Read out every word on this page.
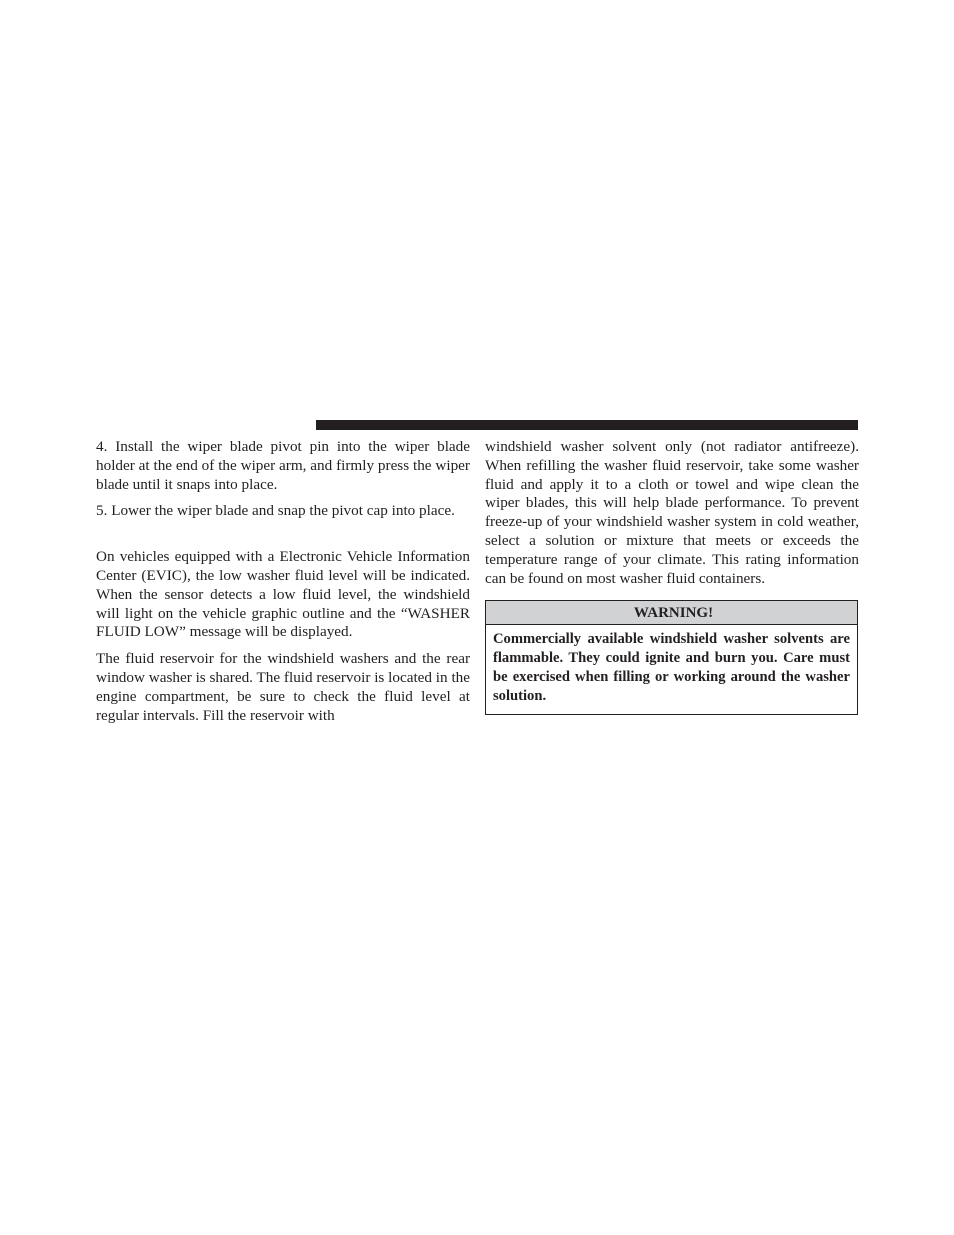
4. Install the wiper blade pivot pin into the wiper blade holder at the end of the wiper arm, and firmly press the wiper blade until it snaps into place.

5. Lower the wiper blade and snap the pivot cap into place.

On vehicles equipped with a Electronic Vehicle Information Center (EVIC), the low washer fluid level will be indicated. When the sensor detects a low fluid level, the windshield will light on the vehicle graphic outline and the “WASHER FLUID LOW” message will be displayed.

The fluid reservoir for the windshield washers and the rear window washer is shared. The fluid reservoir is located in the engine compartment, be sure to check the fluid level at regular intervals. Fill the reservoir with

windshield washer solvent only (not radiator antifreeze). When refilling the washer fluid reservoir, take some washer fluid and apply it to a cloth or towel and wipe clean the wiper blades, this will help blade performance. To prevent freeze-up of your windshield washer system in cold weather, select a solution or mixture that meets or exceeds the temperature range of your climate. This rating information can be found on most washer fluid containers.

WARNING!
Commercially available windshield washer solvents are flammable. They could ignite and burn you. Care must be exercised when filling or working around the washer solution.
